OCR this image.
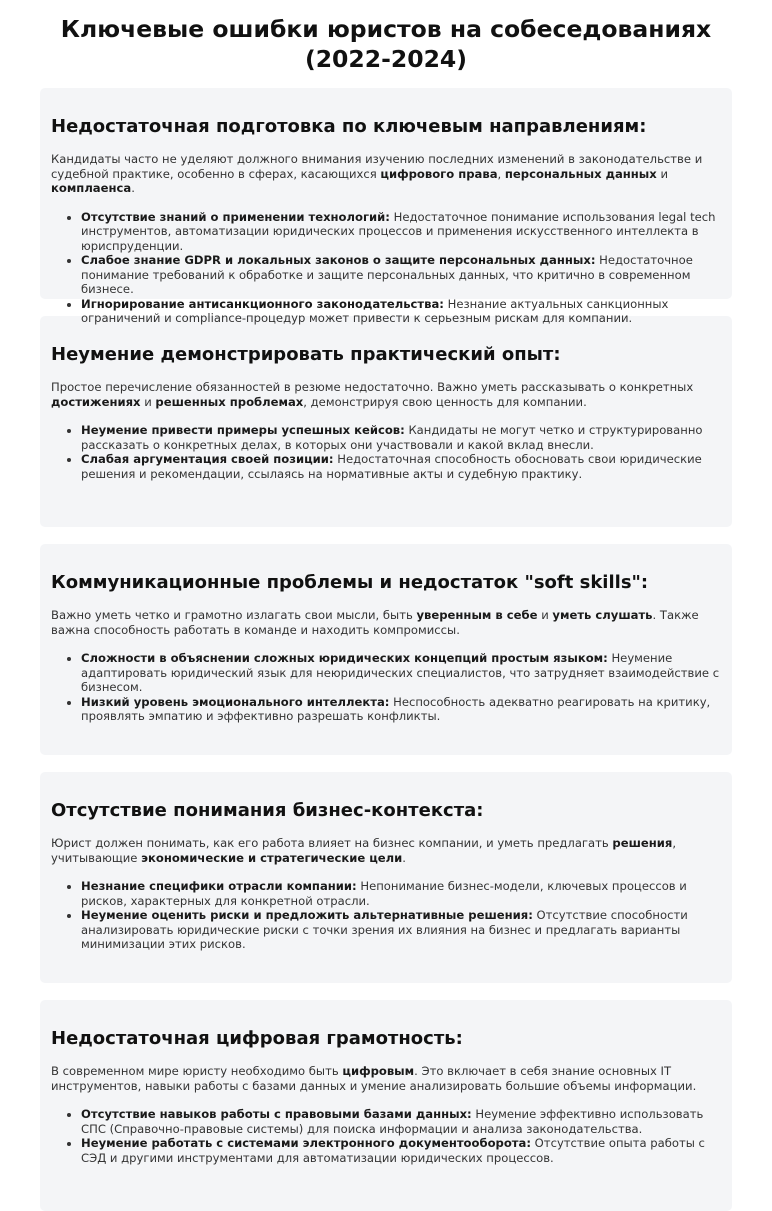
Ключевые ошибки юристов на собеседованиях
(2022-2024)
Недостаточная подготовка по ключевым направлениям:

Кандидаты часто не уделяют должного внимания изучению последних изменений в законодательстве и судебной практике, особенно в сферах, касающихся цифрового права, персональных данных и комплаенса.

• Отсутствие знаний о применении технологий: Недостаточное понимание использования legal tech инструментов, автоматизации юридических процессов и применения искусственного интеллекта в юриспруденции.
• Слабое знание GDPR и локальных законов о защите персональных данных: Недостаточное понимание требований к обработке и защите персональных данных, что критично в современном бизнесе.
• Игнорирование антисанкционного законодательства: Незнание актуальных санкционных ограничений и compliance-процедур может привести к серьезным рискам для компании.
Неумение демонстрировать практический опыт:

Простое перечисление обязанностей в резюме недостаточно. Важно уметь рассказывать о конкретных достижениях и решенных проблемах, демонстрируя свою ценность для компании.

• Неумение привести примеры успешных кейсов: Кандидаты не могут четко и структурированно рассказать о конкретных делах, в которых они участвовали и какой вклад внесли.
• Слабая аргументация своей позиции: Недостаточная способность обосновать свои юридические решения и рекомендации, ссылаясь на нормативные акты и судебную практику.
Коммуникационные проблемы и недостаток "soft skills":

Важно уметь четко и грамотно излагать свои мысли, быть уверенным в себе и уметь слушать. Также важна способность работать в команде и находить компромиссы.

• Сложности в объяснении сложных юридических концепций простым языком: Неумение адаптировать юридический язык для неюридических специалистов, что затрудняет взаимодействие с бизнесом.
• Низкий уровень эмоционального интеллекта: Неспособность адекватно реагировать на критику, проявлять эмпатию и эффективно разрешать конфликты.
Отсутствие понимания бизнес-контекста:

Юрист должен понимать, как его работа влияет на бизнес компании, и уметь предлагать решения, учитывающие экономические и стратегические цели.

• Незнание специфики отрасли компании: Непонимание бизнес-модели, ключевых процессов и рисков, характерных для конкретной отрасли.
• Неумение оценить риски и предложить альтернативные решения: Отсутствие способности анализировать юридические риски с точки зрения их влияния на бизнес и предлагать варианты минимизации этих рисков.
Недостаточная цифровая грамотность:

В современном мире юристу необходимо быть цифровым. Это включает в себя знание основных IT инструментов, навыки работы с базами данных и умение анализировать большие объемы информации.

• Отсутствие навыков работы с правовыми базами данных: Неумение эффективно использовать СПС (Справочно-правовые системы) для поиска информации и анализа законодательства.
• Неумение работать с системами электронного документооборота: Отсутствие опыта работы с СЭД и другими инструментами для автоматизации юридических процессов.
